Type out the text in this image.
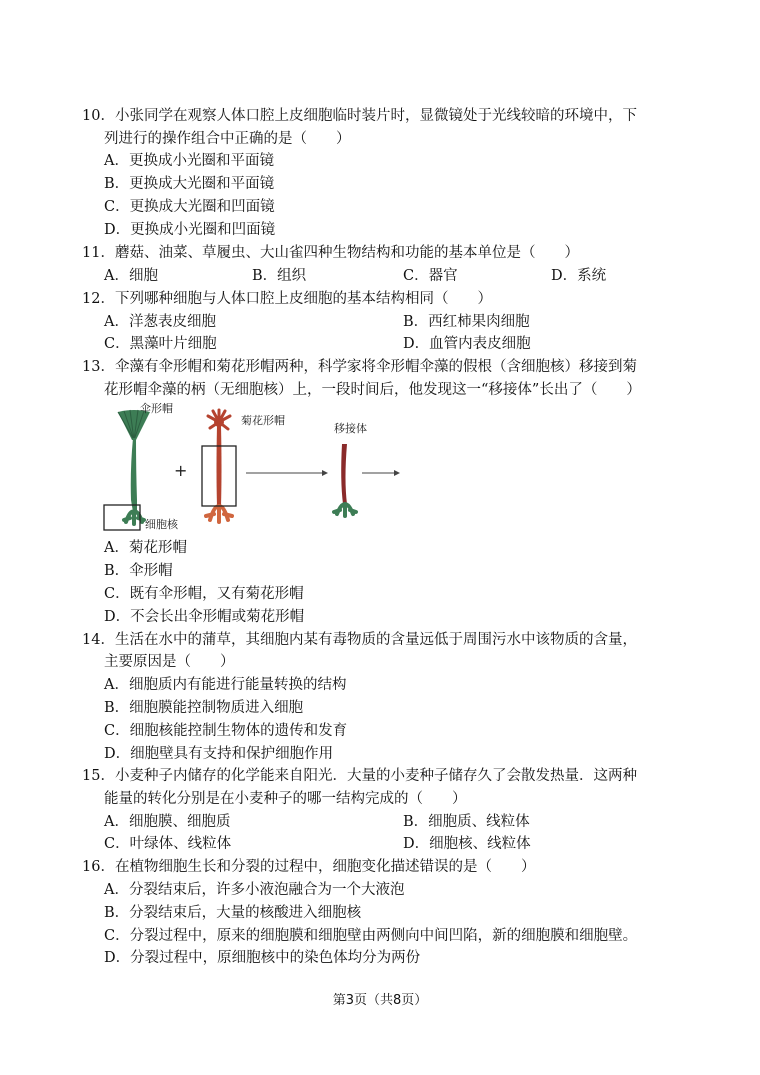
10．小张同学在观察人体口腔上皮细胞临时装片时，显微镜处于光线较暗的环境中，下
列进行的操作组合中正确的是（　　）
A．更换成小光圈和平面镜
B．更换成大光圈和平面镜
C．更换成大光圈和凹面镜
D．更换成小光圈和凹面镜
11．蘑菇、油菜、草履虫、大山雀四种生物结构和功能的基本单位是（　　）
A．细胞	B．组织	C．器官	D．系统
12．下列哪种细胞与人体口腔上皮细胞的基本结构相同（　　）
A．洋葱表皮细胞	B．西红柿果肉细胞
C．黑藻叶片细胞	D．血管内表皮细胞
13．伞藻有伞形帽和菊花形帽两种，科学家将伞形帽伞藻的假根（含细胞核）移接到菊
花形帽伞藻的柄（无细胞核）上，一段时间后，他发现这一“移接体”长出了（　　）
伞形帽
细胞核
+
菊花形帽
移接体
A．菊花形帽
B．伞形帽
C．既有伞形帽，又有菊花形帽
D．不会长出伞形帽或菊花形帽
14．生活在水中的蒲草，其细胞内某有毒物质的含量远低于周围污水中该物质的含量，
主要原因是（　　）
A．细胞质内有能进行能量转换的结构
B．细胞膜能控制物质进入细胞
C．细胞核能控制生物体的遗传和发育
D．细胞壁具有支持和保护细胞作用
15．小麦种子内储存的化学能来自阳光．大量的小麦种子储存久了会散发热量．这两种
能量的转化分别是在小麦种子的哪一结构完成的（　　）
A．细胞膜、细胞质	B．细胞质、线粒体
C．叶绿体、线粒体	D．细胞核、线粒体
16．在植物细胞生长和分裂的过程中，细胞变化描述错误的是（　　）
A．分裂结束后，许多小液泡融合为一个大液泡
B．分裂结束后，大量的核酸进入细胞核
C．分裂过程中，原来的细胞膜和细胞壁由两侧向中间凹陷，新的细胞膜和细胞壁。
D．分裂过程中，原细胞核中的染色体均分为两份
第3页（共8页）
